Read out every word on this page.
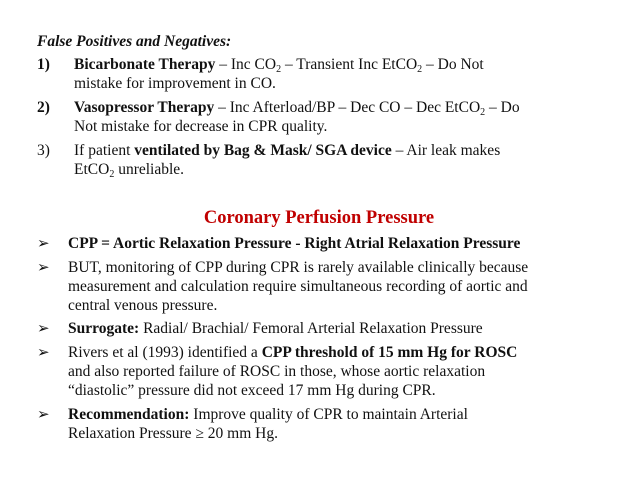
False Positives and Negatives:
1) Bicarbonate Therapy – Inc $CO_2$ – Transient Inc EtCO$_2$ – Do Not
mistake for improvement in CO.
2) Vasopressor Therapy – Inc Afterload/BP – Dec CO – Dec EtCO$_2$ – Do
Not mistake for decrease in CPR quality.
3) If patient ventilated by Bag & Mask/ SGA device – Air leak makes
EtCO$_2$ unreliable.
Coronary Perfusion Pressure
➢ CPP = Aortic Relaxation Pressure - Right Atrial Relaxation Pressure
➢ BUT, monitoring of CPP during CPR is rarely available clinically because
measurement and calculation require simultaneous recording of aortic and
central venous pressure.
➢ Surrogate: Radial/ Brachial/ Femoral Arterial Relaxation Pressure
➢ Rivers et al (1993) identified a CPP threshold of 15 mm Hg for ROSC
and also reported failure of ROSC in those, whose aortic relaxation
“diastolic” pressure did not exceed 17 mm Hg during CPR.
➢ Recommendation: Improve quality of CPR to maintain Arterial
Relaxation Pressure ≥ 20 mm Hg.
